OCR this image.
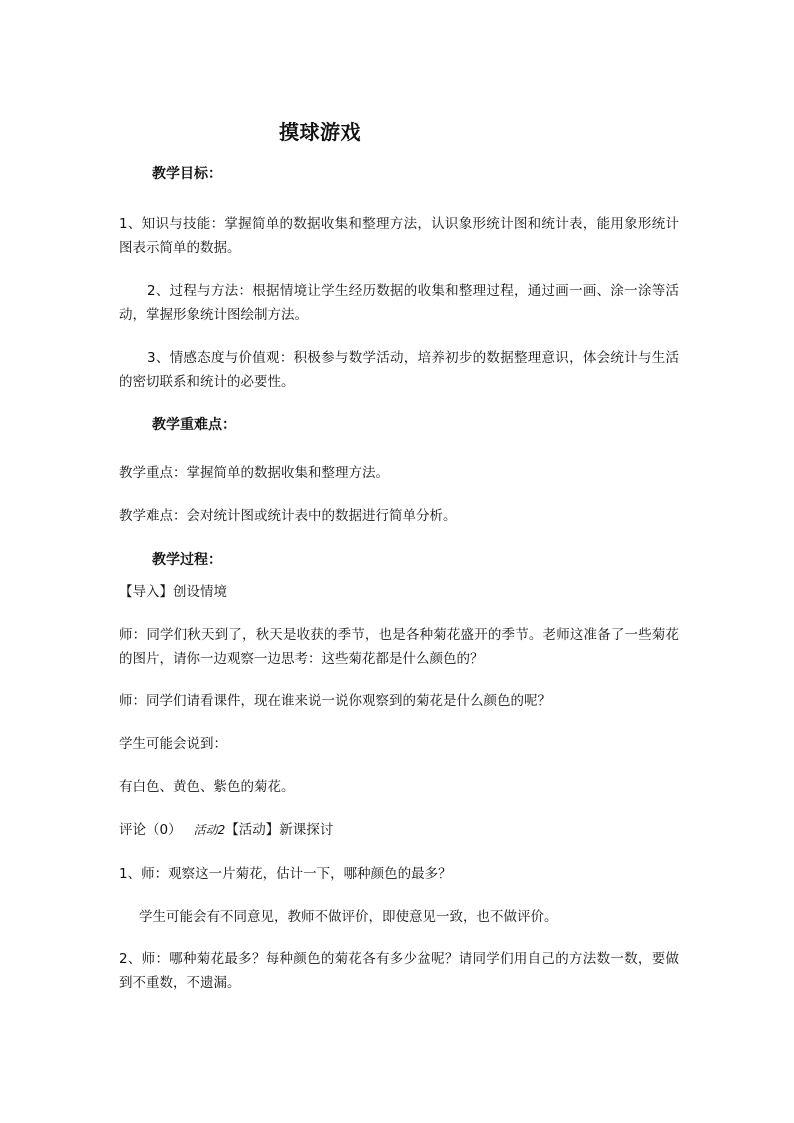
摸球游戏
教学目标：
1、知识与技能：掌握简单的数据收集和整理方法，认识象形统计图和统计表，能用象形统计图表示简单的数据。
2、过程与方法：根据情境让学生经历数据的收集和整理过程，通过画一画、涂一涂等活动，掌握形象统计图绘制方法。
3、情感态度与价值观：积极参与数学活动，培养初步的数据整理意识，体会统计与生活的密切联系和统计的必要性。
教学重难点：
教学重点：掌握简单的数据收集和整理方法。
教学难点：会对统计图或统计表中的数据进行简单分析。
教学过程：
【导入】创设情境
师：同学们秋天到了，秋天是收获的季节，也是各种菊花盛开的季节。老师这准备了一些菊花的图片，请你一边观察一边思考：这些菊花都是什么颜色的？
师：同学们请看课件，现在谁来说一说你观察到的菊花是什么颜色的呢？
学生可能会说到：
有白色、黄色、紫色的菊花。
评论（0） 活动2【活动】新课探讨
1、师：观察这一片菊花，估计一下，哪种颜色的最多？
学生可能会有不同意见，教师不做评价，即使意见一致，也不做评价。
2、师：哪种菊花最多？每种颜色的菊花各有多少盆呢？请同学们用自己的方法数一数，要做到不重数，不遗漏。
